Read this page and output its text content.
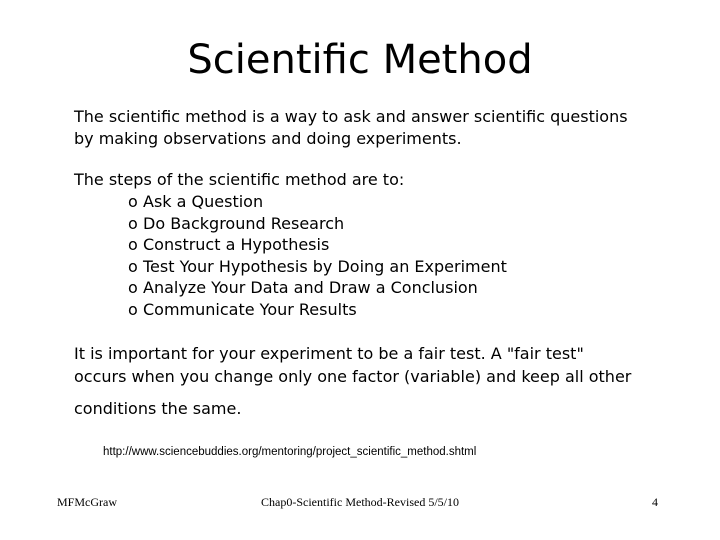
Scientific Method
The scientific method is a way to ask and answer scientific questions
by making observations and doing experiments.
The steps of the scientific method are to:
o Ask a Question
o Do Background Research
o Construct a Hypothesis
o Test Your Hypothesis by Doing an Experiment
o Analyze Your Data and Draw a Conclusion
o Communicate Your Results
It is important for your experiment to be a fair test. A "fair test"
occurs when you change only one factor (variable) and keep all other
conditions the same.
http://www.sciencebuddies.org/mentoring/project_scientific_method.shtml
MFMcGraw	Chap0-Scientific Method-Revised 5/5/10	4
